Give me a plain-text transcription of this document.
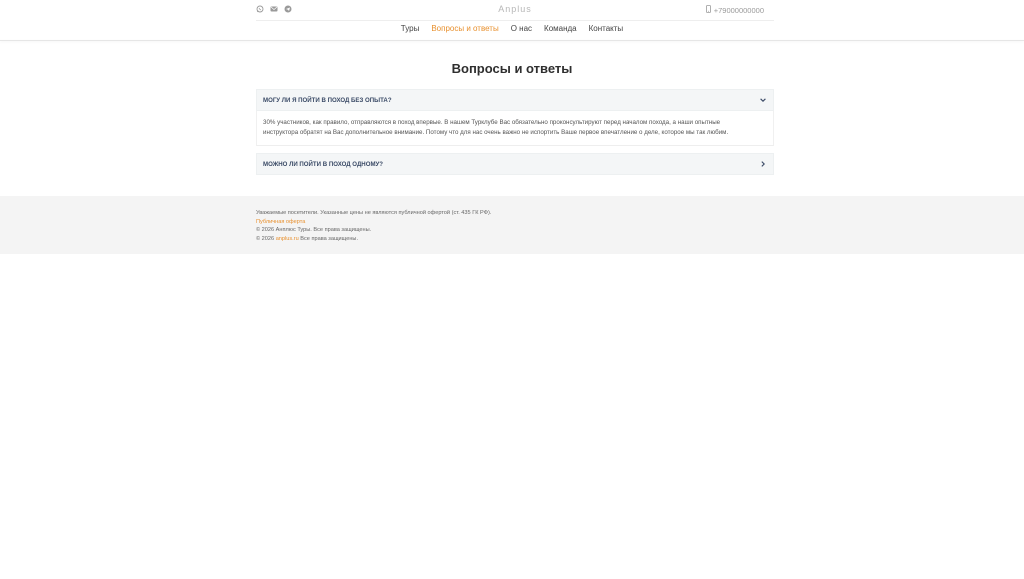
Anplus	+79000000000
Туры Вопросы и ответы О нас Команда Контакты
Вопросы и ответы
МОГУ ЛИ Я ПОЙТИ В ПОХОД БЕЗ ОПЫТА?
30% участников, как правило, отправляются в поход впервые. В нашем Турклубе Вас обязательно проконсультируют перед началом похода, а наши опытные
инструктора обратят на Вас дополнительное внимание. Потому что для нас очень важно не испортить Ваше первое впечатление о деле, которое мы так любим.
МОЖНО ЛИ ПОЙТИ В ПОХОД ОДНОМУ?
Уважаемые посетители. Указанные цены не являются публичной офертой (ст. 435 ГК РФ).
Публичная оферта
© 2026 Анплюс Туры. Все права защищены.
© 2026 anplus.ru Все права защищены.
